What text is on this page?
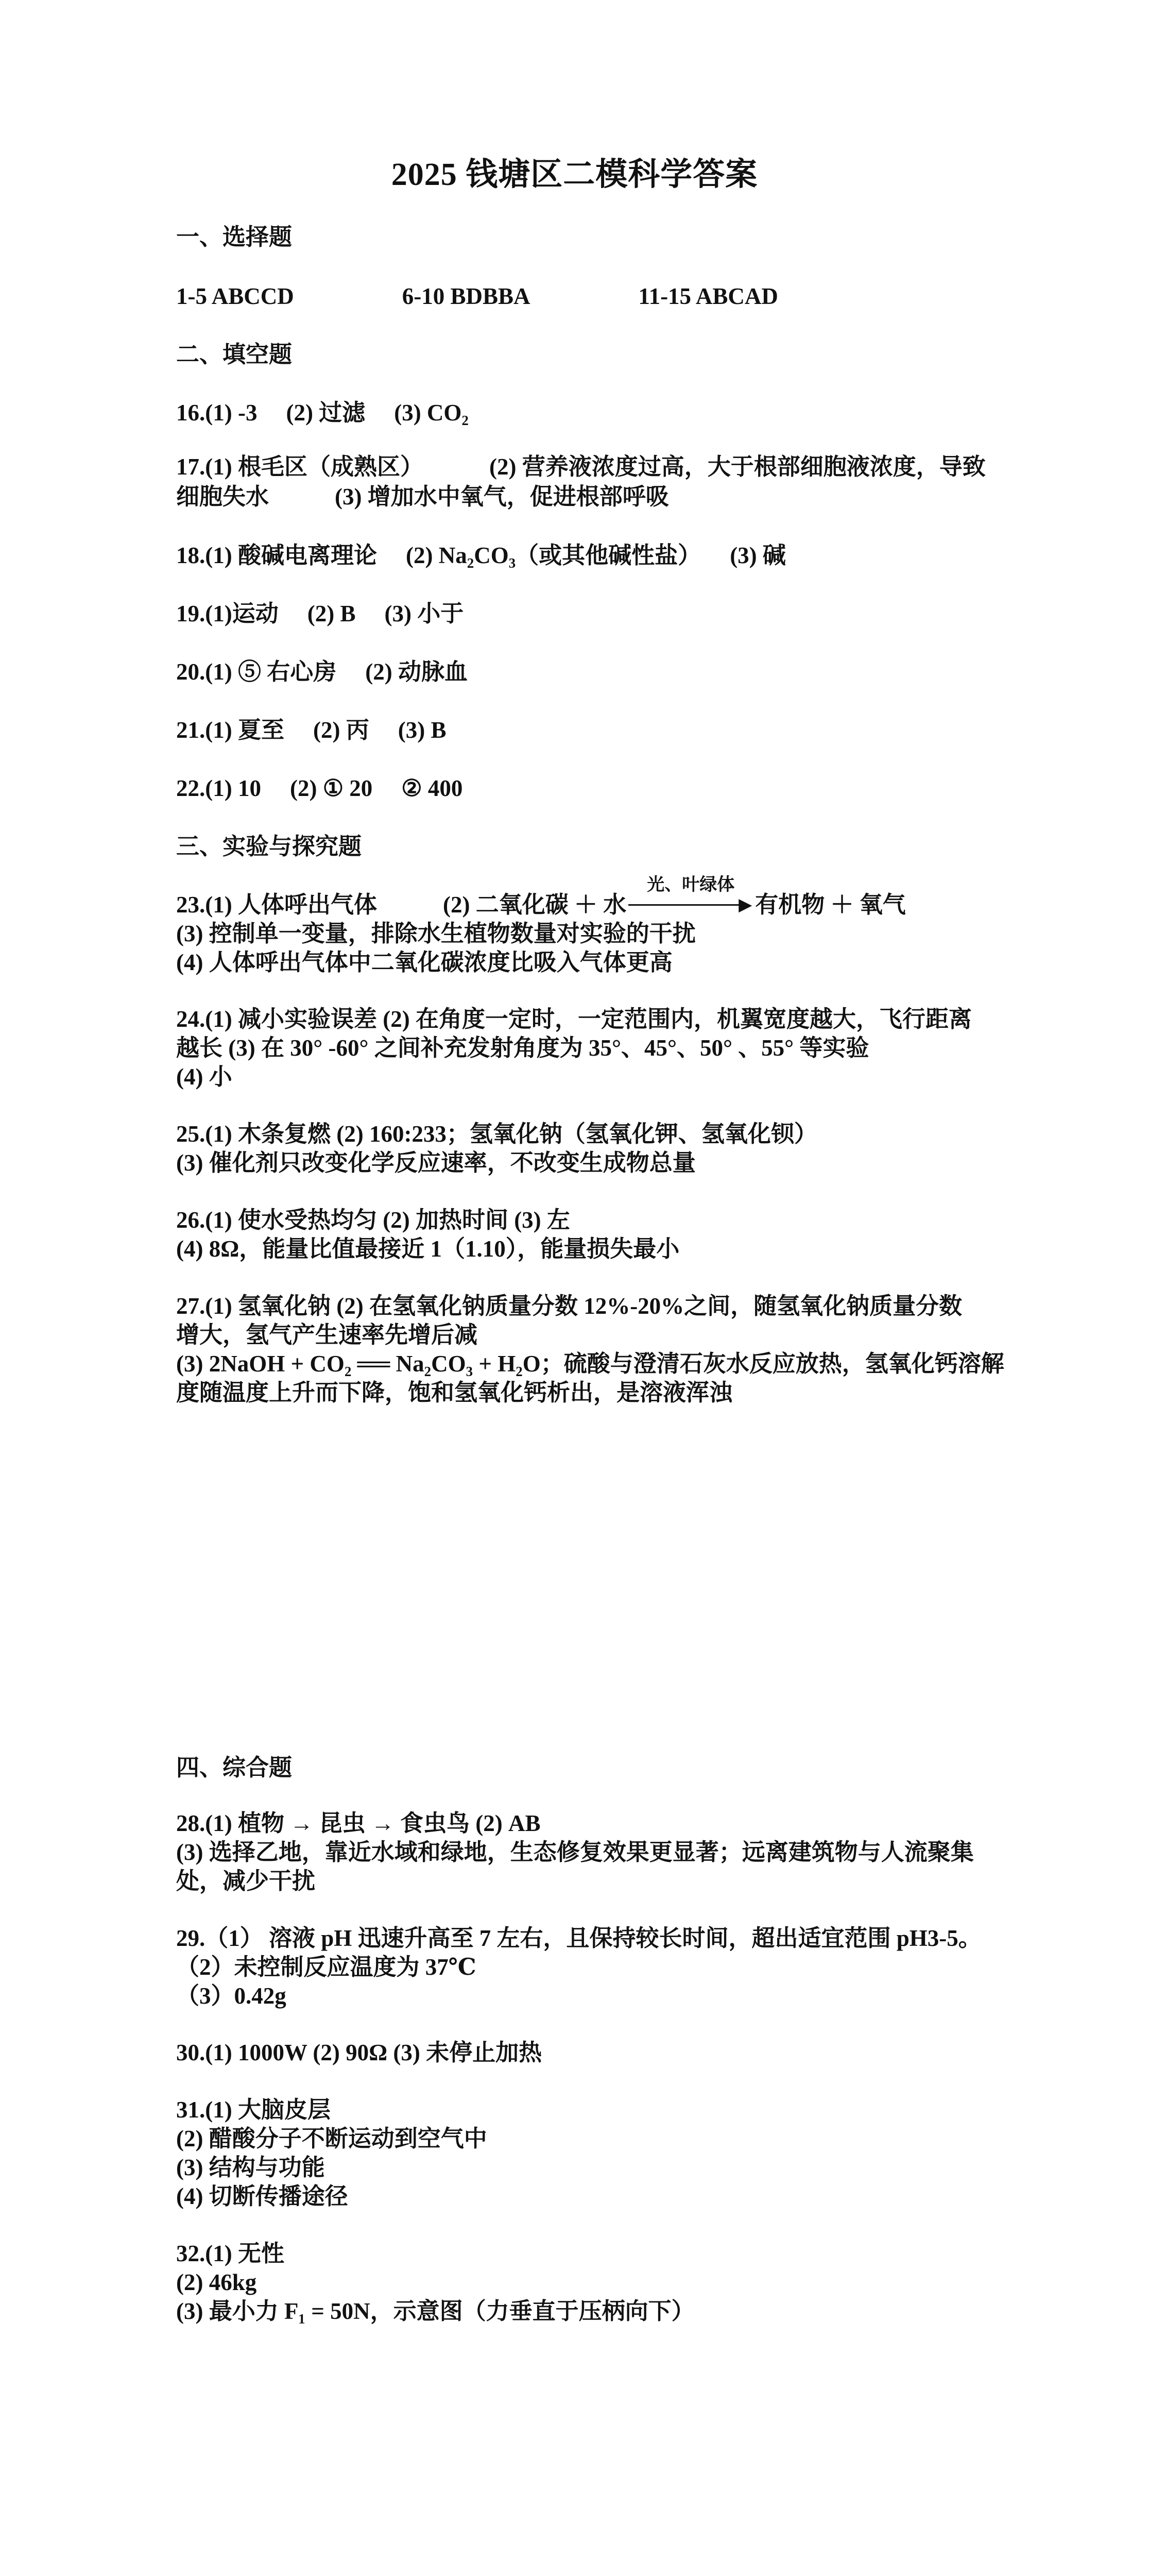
2025 钱塘区二模科学答案
一、选择题
1-5 ABCCD	6-10 BDBBA	11-15 ABCAD
二、填空题
16.(1) -3 (2) 过滤 (3) CO₂
17.(1) 根毛区（成熟区）	(2) 营养液浓度过高，大于根部细胞液浓度，导致
细胞失水	(3) 增加水中氧气，促进根部呼吸
18.(1) 酸碱电离理论 (2) Na₂CO₃（或其他碱性盐） (3) 碱
19.(1)运动 (2) B (3) 小于
20.(1) ⑤ 右心房 (2) 动脉血
21.(1) 夏至 (2) 丙 (3) B
22.(1) 10 (2) ① 20 ② 400
三、实验与探究题
23.(1) 人体呼出气体	(2) 二氧化碳 ＋ 水
光、叶绿体
▶ 有机物 ＋ 氧气
(3) 控制单一变量，排除水生植物数量对实验的干扰
(4) 人体呼出气体中二氧化碳浓度比吸入气体更高
24.(1) 减小实验误差 (2) 在角度一定时，一定范围内，机翼宽度越大，飞行距离
越长 (3) 在 30° -60° 之间补充发射角度为 35°、45°、50° 、55° 等实验
(4) 小
25.(1) 木条复燃 (2) 160:233；氢氧化钠（氢氧化钾、氢氧化钡）
(3) 催化剂只改变化学反应速率，不改变生成物总量
26.(1) 使水受热均匀 (2) 加热时间 (3) 左
(4) 8Ω，能量比值最接近 1（1.10），能量损失最小
27.(1) 氢氧化钠 (2) 在氢氧化钠质量分数 12%-20%之间，随氢氧化钠质量分数
增大，氢气产生速率先增后减
(3) 2NaOH + CO₂ ══ Na₂CO₃ + H₂O；硫酸与澄清石灰水反应放热，氢氧化钙溶解
度随温度上升而下降，饱和氢氧化钙析出，是溶液浑浊
四、综合题
28.(1) 植物 → 昆虫 → 食虫鸟 (2) AB
(3) 选择乙地，靠近水域和绿地，生态修复效果更显著；远离建筑物与人流聚集
处，减少干扰
29.（1） 溶液 pH 迅速升高至 7 左右，且保持较长时间，超出适宜范围 pH3-5。
（2）未控制反应温度为 37℃
（3）0.42g
30.(1) 1000W (2) 90Ω (3) 未停止加热
31.(1) 大脑皮层
(2) 醋酸分子不断运动到空气中
(3) 结构与功能
(4) 切断传播途径
32.(1) 无性
(2) 46kg
(3) 最小力 F₁ = 50N，示意图（力垂直于压柄向下）
